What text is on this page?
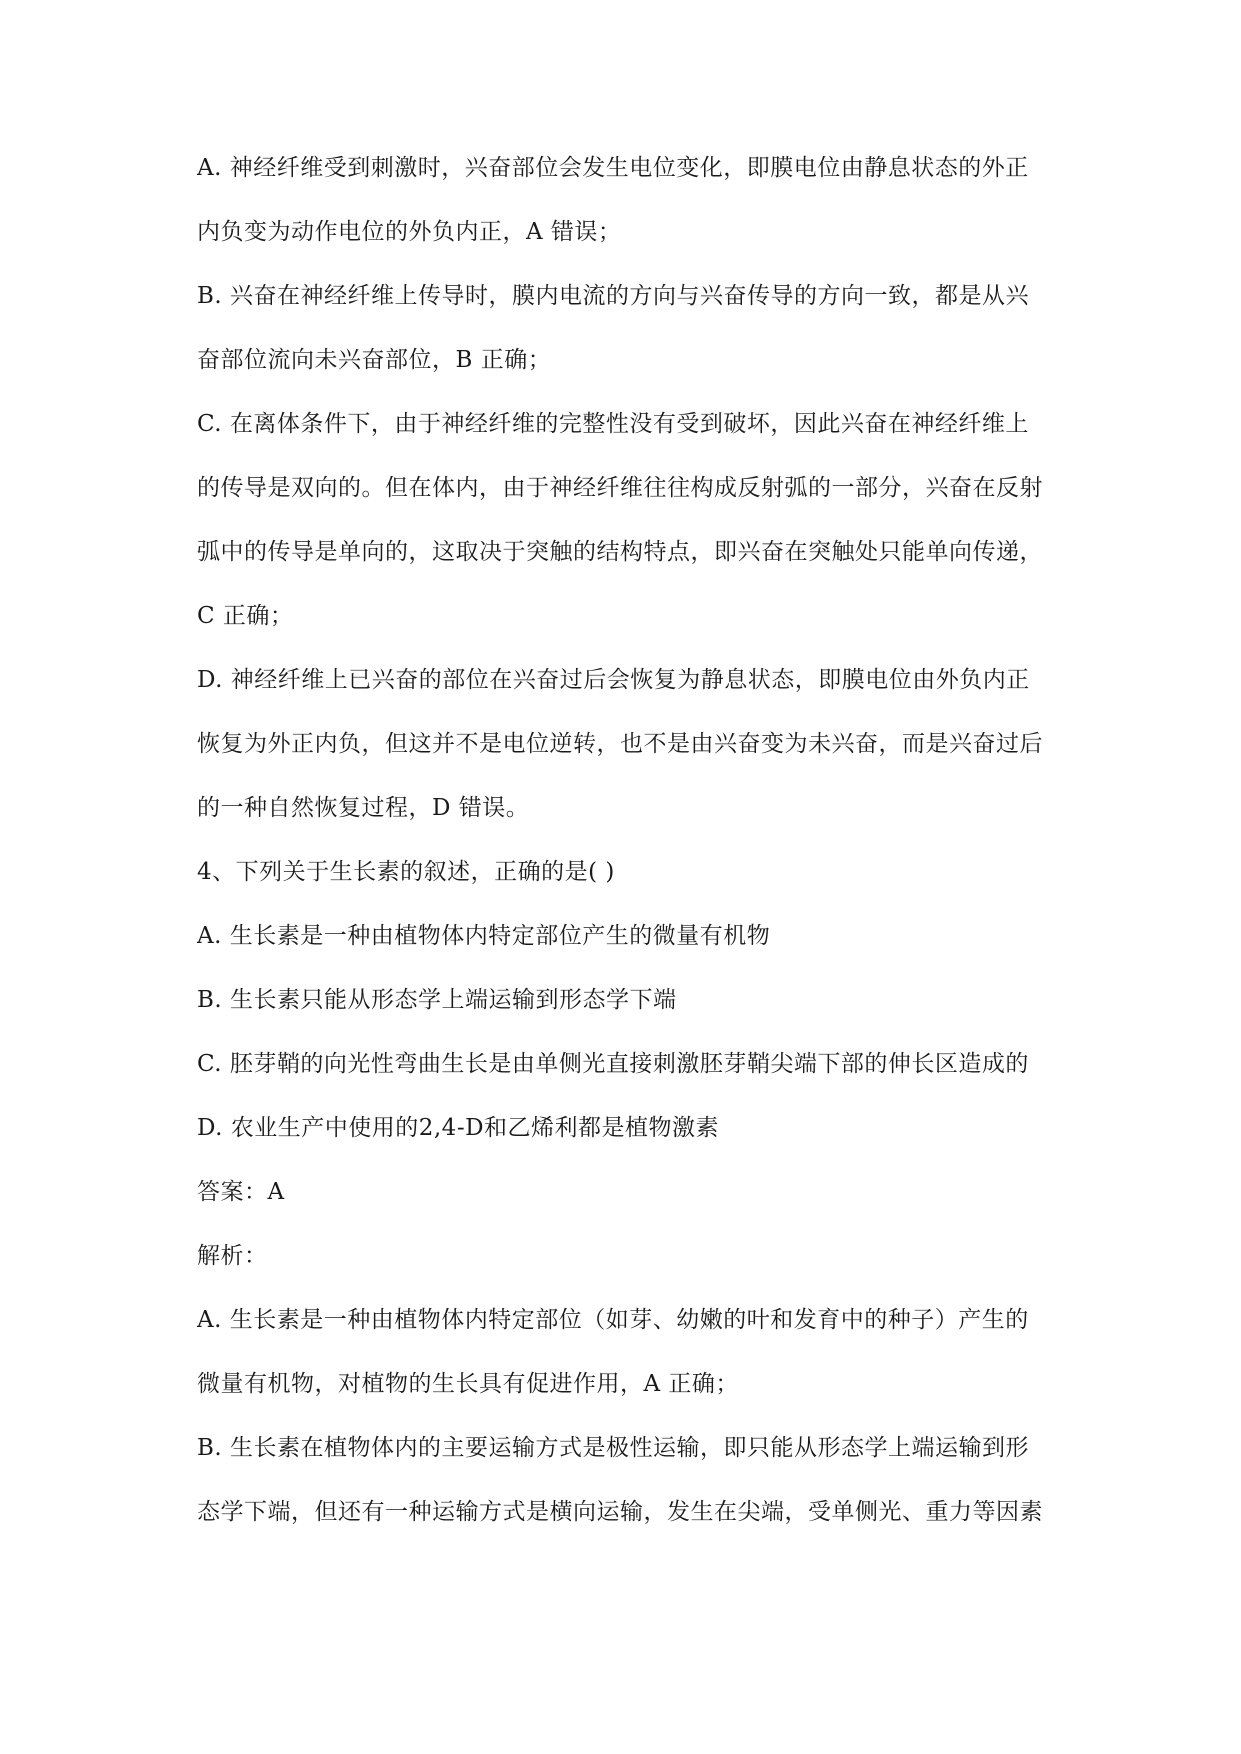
A. 神经纤维受到刺激时，兴奋部位会发生电位变化，即膜电位由静息状态的外正
内负变为动作电位的外负内正，A 错误；
B. 兴奋在神经纤维上传导时，膜内电流的方向与兴奋传导的方向一致，都是从兴
奋部位流向未兴奋部位，B 正确；
C. 在离体条件下，由于神经纤维的完整性没有受到破坏，因此兴奋在神经纤维上
的传导是双向的。但在体内，由于神经纤维往往构成反射弧的一部分，兴奋在反射
弧中的传导是单向的，这取决于突触的结构特点，即兴奋在突触处只能单向传递，
C 正确；
D. 神经纤维上已兴奋的部位在兴奋过后会恢复为静息状态，即膜电位由外负内正
恢复为外正内负，但这并不是电位逆转，也不是由兴奋变为未兴奋，而是兴奋过后
的一种自然恢复过程，D 错误。
4、下列关于生长素的叙述，正确的是( )
A. 生长素是一种由植物体内特定部位产生的微量有机物
B. 生长素只能从形态学上端运输到形态学下端
C. 胚芽鞘的向光性弯曲生长是由单侧光直接刺激胚芽鞘尖端下部的伸长区造成的
D. 农业生产中使用的2,4-D和乙烯利都是植物激素
答案：A
解析：
A. 生长素是一种由植物体内特定部位（如芽、幼嫩的叶和发育中的种子）产生的
微量有机物，对植物的生长具有促进作用，A 正确；
B. 生长素在植物体内的主要运输方式是极性运输，即只能从形态学上端运输到形
态学下端，但还有一种运输方式是横向运输，发生在尖端，受单侧光、重力等因素
